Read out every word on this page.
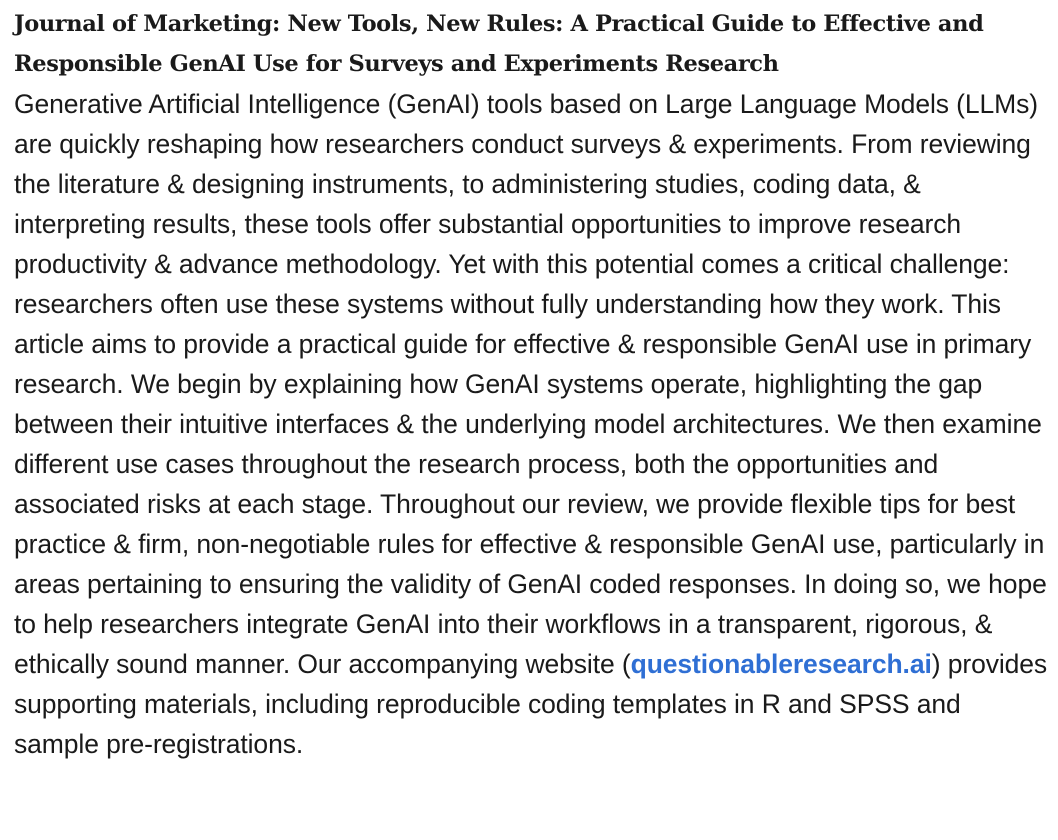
Journal of Marketing: New Tools, New Rules: A Practical Guide to Effective and Responsible GenAI Use for Surveys and Experiments Research

Generative Artificial Intelligence (GenAI) tools based on Large Language Models (LLMs) are quickly reshaping how researchers conduct surveys & experiments. From reviewing the literature & designing instruments, to administering studies, coding data, & interpreting results, these tools offer substantial opportunities to improve research productivity & advance methodology. Yet with this potential comes a critical challenge: researchers often use these systems without fully understanding how they work. This article aims to provide a practical guide for effective & responsible GenAI use in primary research. We begin by explaining how GenAI systems operate, highlighting the gap between their intuitive interfaces & the underlying model architectures. We then examine different use cases throughout the research process, both the opportunities and associated risks at each stage. Throughout our review, we provide flexible tips for best practice & firm, non-negotiable rules for effective & responsible GenAI use, particularly in areas pertaining to ensuring the validity of GenAI coded responses. In doing so, we hope to help researchers integrate GenAI into their workflows in a transparent, rigorous, & ethically sound manner. Our accompanying website (questionableresearch.ai) provides supporting materials, including reproducible coding templates in R and SPSS and sample pre-registrations.
